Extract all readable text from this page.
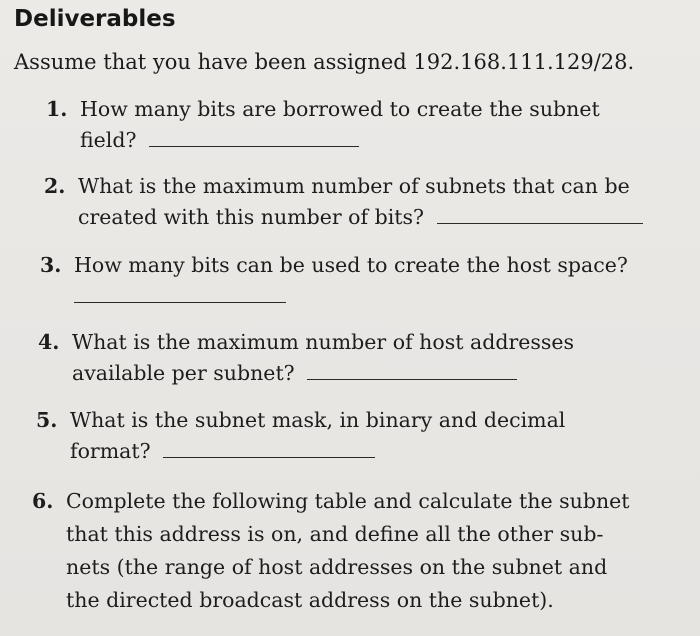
Deliverables
Assume that you have been assigned 192.168.111.129/28.
1. How many bits are borrowed to create the subnet
field?
2. What is the maximum number of subnets that can be
created with this number of bits?
3. How many bits can be used to create the host space?
4. What is the maximum number of host addresses
available per subnet?
5. What is the subnet mask, in binary and decimal
format?
6. Complete the following table and calculate the subnet
that this address is on, and define all the other sub-
nets (the range of host addresses on the subnet and
the directed broadcast address on the subnet).
